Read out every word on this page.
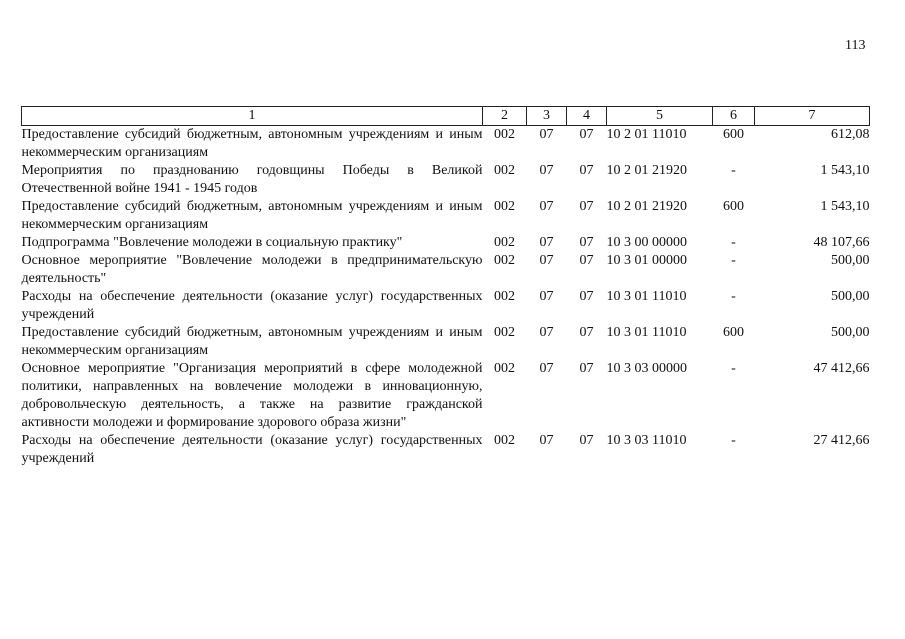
113
1	2	3	4	5	6	7
Предоставление субсидий бюджетным, автономным учреждениям и иным некоммерческим организациям	002	07	07	10 2 01 11010	600	612,08
Мероприятия по празднованию годовщины Победы в Великой Отечественной войне 1941 - 1945 годов	002	07	07	10 2 01 21920	-	1 543,10
Предоставление субсидий бюджетным, автономным учреждениям и иным некоммерческим организациям	002	07	07	10 2 01 21920	600	1 543,10
Подпрограмма "Вовлечение молодежи в социальную практику"	002	07	07	10 3 00 00000	-	48 107,66
Основное мероприятие "Вовлечение молодежи в предпринимательскую деятельность"	002	07	07	10 3 01 00000	-	500,00
Расходы на обеспечение деятельности (оказание услуг) государственных учреждений	002	07	07	10 3 01 11010	-	500,00
Предоставление субсидий бюджетным, автономным учреждениям и иным некоммерческим организациям	002	07	07	10 3 01 11010	600	500,00
Основное мероприятие "Организация мероприятий в сфере молодежной политики, направленных на вовлечение молодежи в инновационную, добровольческую деятельность, а также на развитие гражданской активности молодежи и формирование здорового образа жизни"	002	07	07	10 3 03 00000	-	47 412,66
Расходы на обеспечение деятельности (оказание услуг) государственных учреждений	002	07	07	10 3 03 11010	-	27 412,66
